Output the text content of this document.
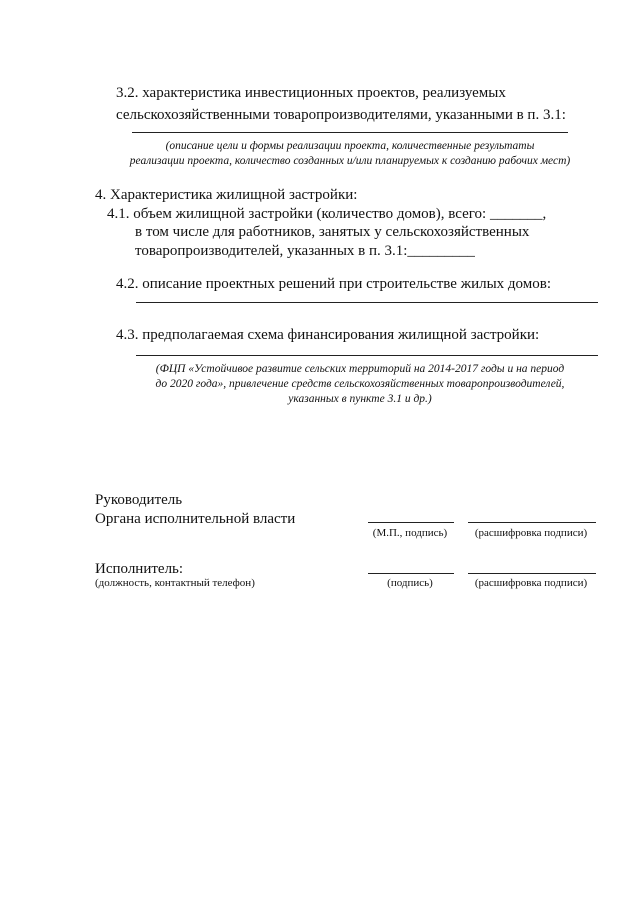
3.2. характеристика инвестиционных проектов, реализуемых
сельскохозяйственными товаропроизводителями, указанными в п. 3.1:
(описание цели и формы реализации проекта, количественные результаты
реализации проекта, количество созданных и/или планируемых к созданию рабочих мест)
4. Характеристика жилищной застройки:
4.1. объем жилищной застройки (количество домов), всего: _______,
в том числе для работников, занятых у сельскохозяйственных
товаропроизводителей, указанных в п. 3.1:_________
4.2. описание проектных решений при строительстве жилых домов:
4.3. предполагаемая схема финансирования жилищной застройки:
(ФЦП «Устойчивое развитие сельских территорий на 2014-2017 годы и на период
до 2020 года», привлечение средств сельскохозяйственных товаропроизводителей,
указанных в пункте 3.1 и др.)
Руководитель
Органа исполнительной власти
(М.П., подпись)	(расшифровка подписи)
Исполнитель:
(должность, контактный телефон)	(подпись)	(расшифровка подписи)
